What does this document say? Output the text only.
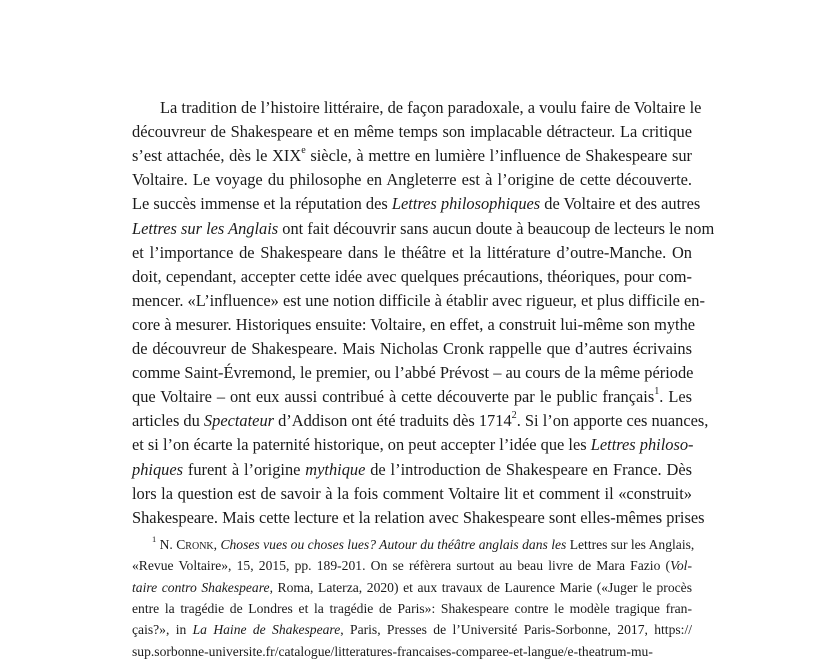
La tradition de l’histoire littéraire, de façon paradoxale, a voulu faire de Voltaire le
découvreur de Shakespeare et en même temps son implacable détracteur. La critique
s’est attachée, dès le XIXe siècle, à mettre en lumière l’influence de Shakespeare sur
Voltaire. Le voyage du philosophe en Angleterre est à l’origine de cette découverte.
Le succès immense et la réputation des Lettres philosophiques de Voltaire et des autres
Lettres sur les Anglais ont fait découvrir sans aucun doute à beaucoup de lecteurs le nom
et l’importance de Shakespeare dans le théâtre et la littérature d’outre-Manche. On
doit, cependant, accepter cette idée avec quelques précautions, théoriques, pour com-
mencer. «L’influence» est une notion difficile à établir avec rigueur, et plus difficile en-
core à mesurer. Historiques ensuite: Voltaire, en effet, a construit lui-même son mythe
de découvreur de Shakespeare. Mais Nicholas Cronk rappelle que d’autres écrivains
comme Saint-Évremond, le premier, ou l’abbé Prévost – au cours de la même période
que Voltaire – ont eux aussi contribué à cette découverte par le public français$^1$. Les
articles du Spectateur d’Addison ont été traduits dès 1714$^2$. Si l’on apporte ces nuances,
et si l’on écarte la paternité historique, on peut accepter l’idée que les Lettres philoso-
phiques furent à l’origine mythique de l’introduction de Shakespeare en France. Dès
lors la question est de savoir à la fois comment Voltaire lit et comment il «construit»
Shakespeare. Mais cette lecture et la relation avec Shakespeare sont elles-mêmes prises
$^1$ N. Cronk, Choses vues ou choses lues? Autour du théâtre anglais dans les Lettres sur les Anglais,
«Revue Voltaire», 15, 2015, pp. 189-201. On se réfèrera surtout au beau livre de Mara Fazio (Vol-
taire contro Shakespeare, Roma, Laterza, 2020) et aux travaux de Laurence Marie («Juger le procès
entre la tragédie de Londres et la tragédie de Paris»: Shakespeare contre le modèle tragique fran-
çais?», in La Haine de Shakespeare, Paris, Presses de l’Université Paris-Sorbonne, 2017, https://
sup.sorbonne-universite.fr/catalogue/litteratures-francaises-comparee-et-langue/e-theatrum-mu-
